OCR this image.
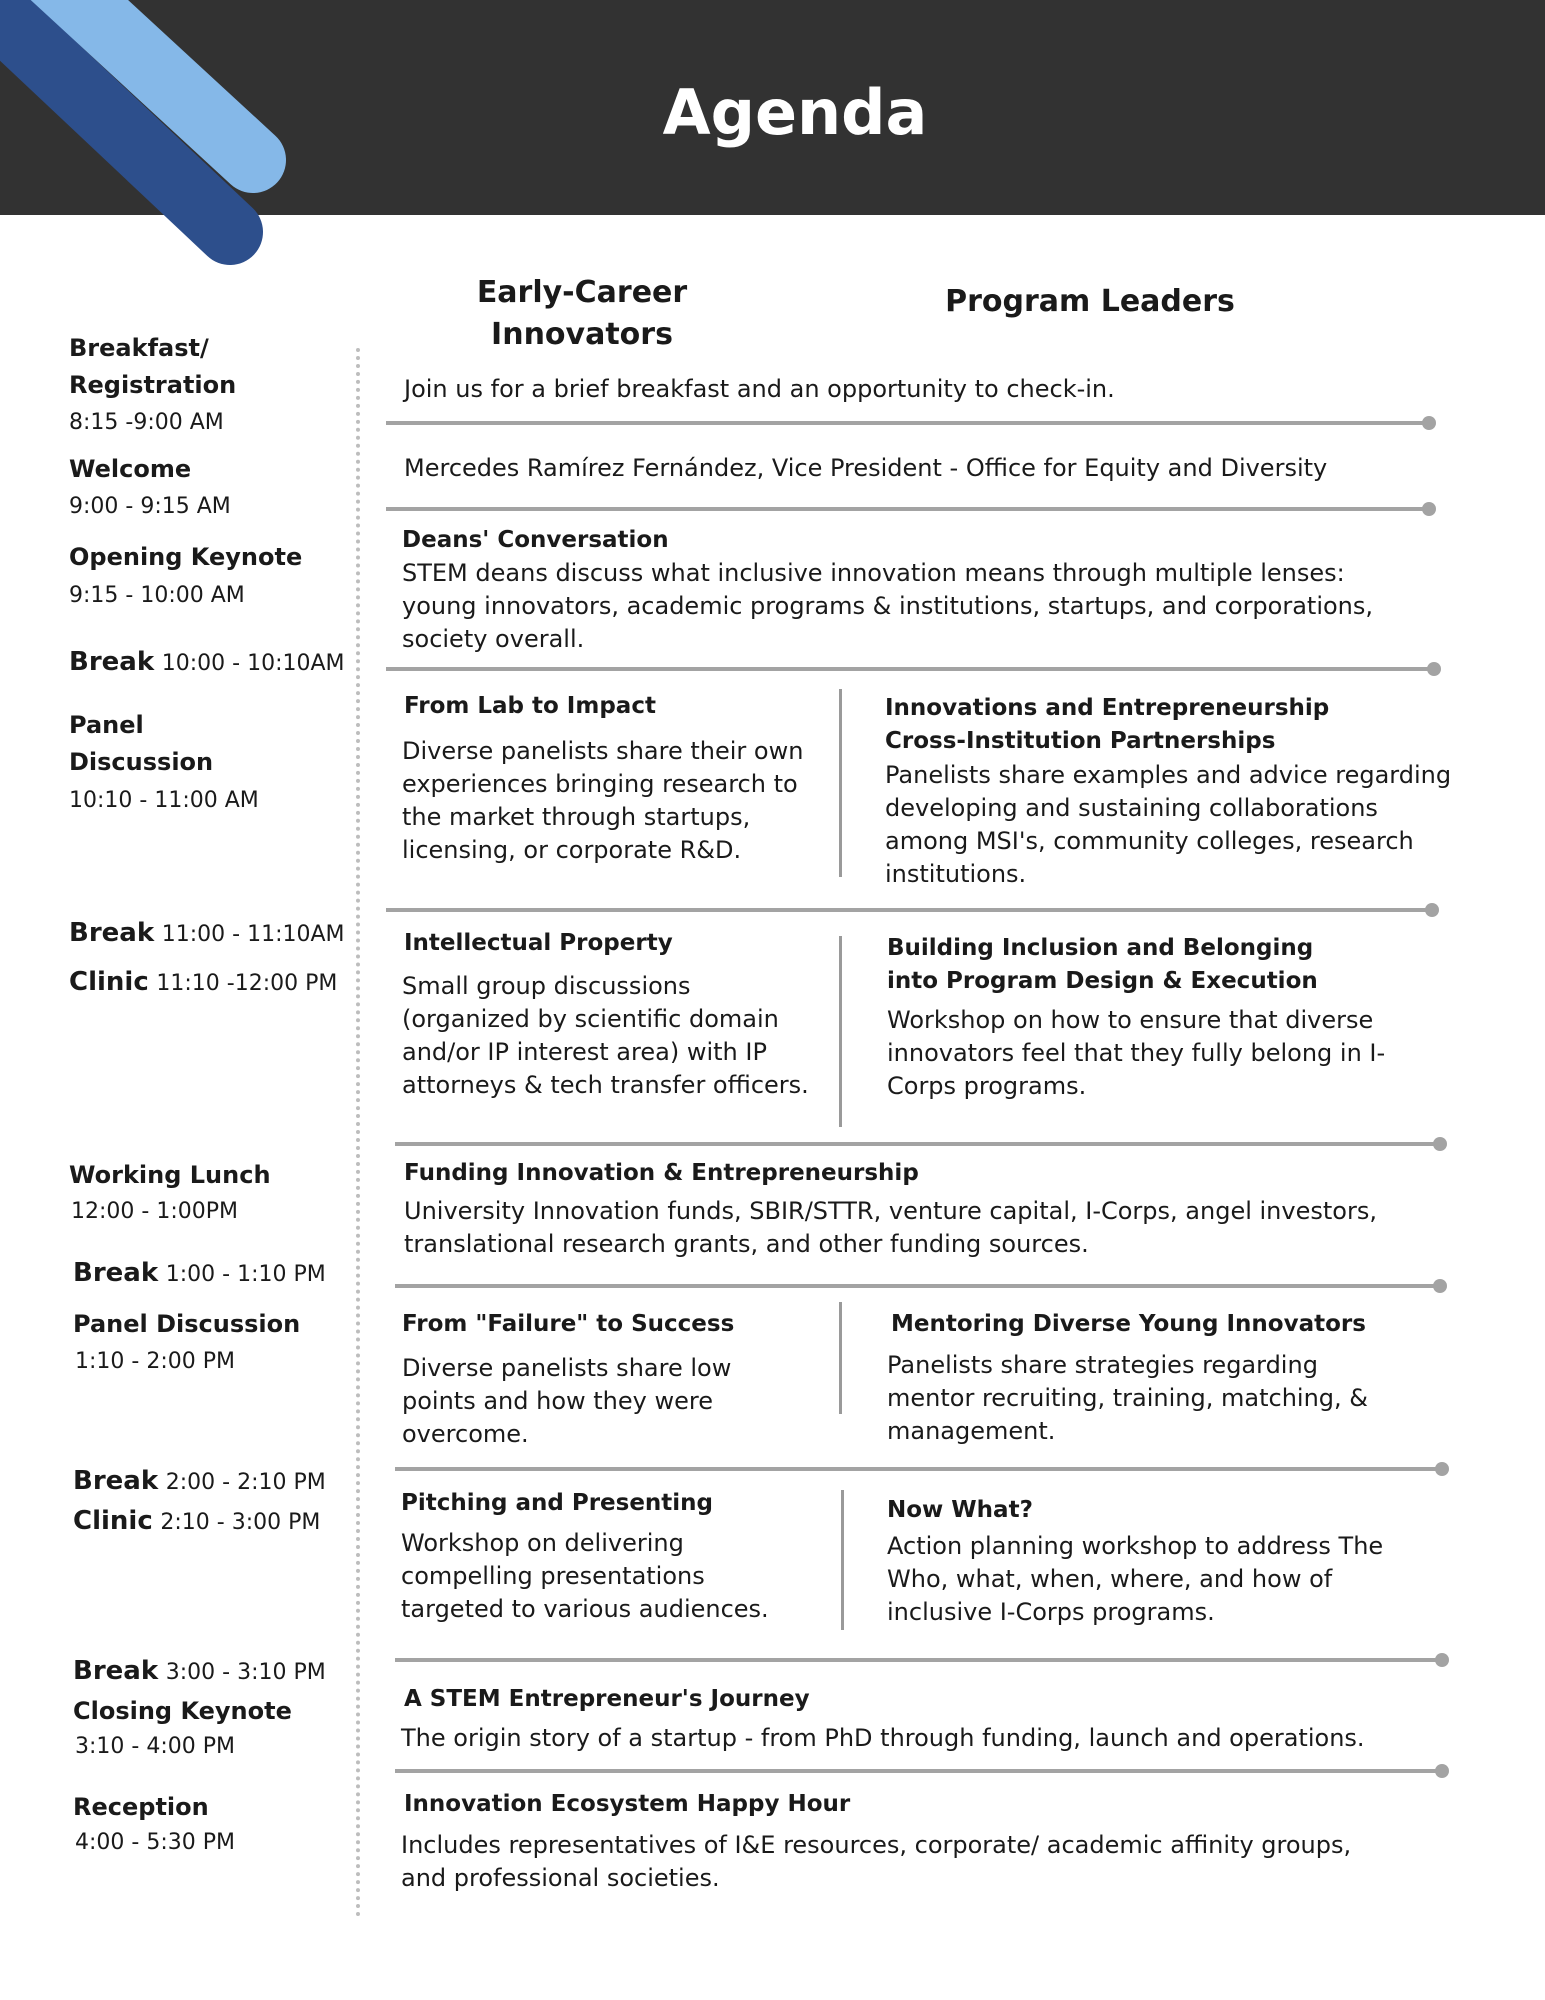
Agenda
Early-Career
Innovators
Program Leaders
Breakfast/
Registration
8:15 -9:00 AM
Welcome
9:00 - 9:15 AM
Opening Keynote
9:15 - 10:00 AM
Break 10:00 - 10:10AM
Panel
Discussion
10:10 - 11:00 AM
Break 11:00 - 11:10AM
Clinic 11:10 -12:00 PM
Working Lunch
12:00 - 1:00PM
Break 1:00 - 1:10 PM
Panel Discussion
1:10 - 2:00 PM
Break 2:00 - 2:10 PM
Clinic 2:10 - 3:00 PM
Break 3:00 - 3:10 PM
Closing Keynote
3:10 - 4:00 PM
Reception
4:00 - 5:30 PM
Join us for a brief breakfast and an opportunity to check-in.
Mercedes Ramírez Fernández, Vice President - Office for Equity and Diversity
Deans' Conversation
STEM deans discuss what inclusive innovation means through multiple lenses:
young innovators, academic programs & institutions, startups, and corporations,
society overall.
From Lab to Impact
Diverse panelists share their own
experiences bringing research to
the market through startups,
licensing, or corporate R&D.
Innovations and Entrepreneurship
Cross-Institution Partnerships
Panelists share examples and advice regarding
developing and sustaining collaborations
among MSI's, community colleges, research
institutions.
Intellectual Property
Small group discussions
(organized by scientific domain
and/or IP interest area) with IP
attorneys & tech transfer officers.
Building Inclusion and Belonging
into Program Design & Execution
Workshop on how to ensure that diverse
innovators feel that they fully belong in I-
Corps programs.
Funding Innovation & Entrepreneurship
University Innovation funds, SBIR/STTR, venture capital, I-Corps, angel investors,
translational research grants, and other funding sources.
From "Failure" to Success
Diverse panelists share low
points and how they were
overcome.
Mentoring Diverse Young Innovators
Panelists share strategies regarding
mentor recruiting, training, matching, &
management.
Pitching and Presenting
Workshop on delivering
compelling presentations
targeted to various audiences.
Now What?
Action planning workshop to address The
Who, what, when, where, and how of
inclusive I-Corps programs.
A STEM Entrepreneur's Journey
The origin story of a startup - from PhD through funding, launch and operations.
Innovation Ecosystem Happy Hour
Includes representatives of I&E resources, corporate/ academic affinity groups,
and professional societies.
